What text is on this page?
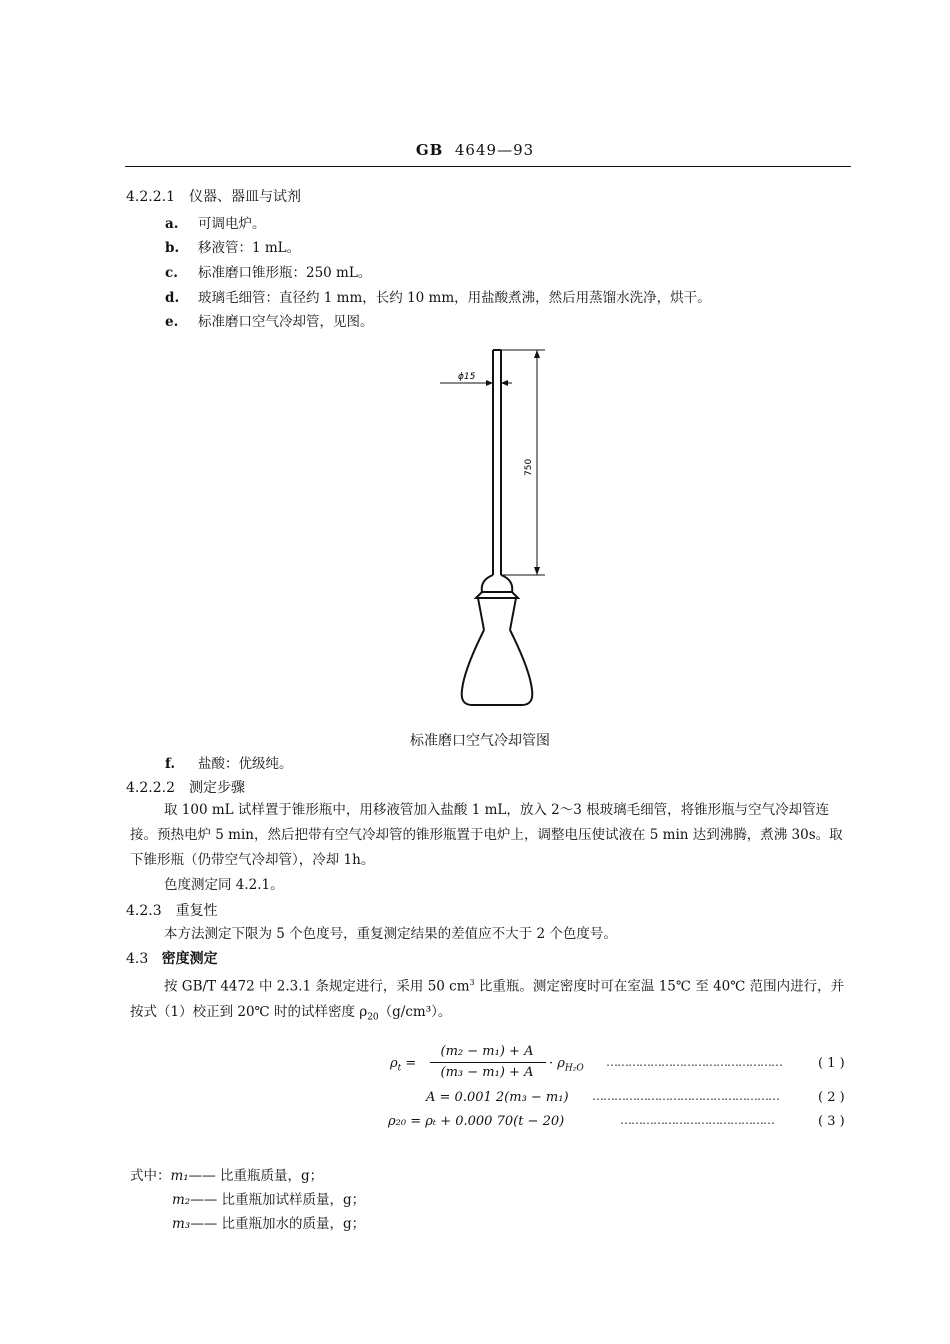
GB 4649—93
4.2.2.1　仪器、器皿与试剂
a. 可调电炉。
b. 移液管：1 mL。
c. 标准磨口锥形瓶：250 mL。
d. 玻璃毛细管：直径约 1 mm，长约 10 mm，用盐酸煮沸，然后用蒸馏水洗净，烘干。
e. 标准磨口空气冷却管，见图。
ϕ15
750
标准磨口空气冷却管图
f. 盐酸：优级纯。
4.2.2.2　测定步骤
取 100 mL 试样置于锥形瓶中，用移液管加入盐酸 1 mL，放入 2～3 根玻璃毛细管，将锥形瓶与空气冷却管连接。预热电炉 5 min，然后把带有空气冷却管的锥形瓶置于电炉上，调整电压使试液在 5 min 达到沸腾，煮沸 30s。取下锥形瓶（仍带空气冷却管），冷却 1h。
色度测定同 4.2.1。
4.2.3　重复性
本方法测定下限为 5 个色度号，重复测定结果的差值应不大于 2 个色度号。
4.3 密度测定
按 GB/T 4472 中 2.3.1 条规定进行，采用 50 $cm^3$ 比重瓶。测定密度时可在室温 15℃ 至 40℃ 范围内进行，并按式（1）校正到 20℃ 时的试样密度 $\rho_{20}(g/cm^3)$。
$\rho_t$ =
(m₂ − m₁) + A
(m₃ − m₁) + A
· $\rho_{H_2O}$ …………………………………………	( 1 )
A = 0.001 2(m₃ − m₁) ……………………………………………	( 2 )
ρ₂₀ = ρₜ + 0.000 70(t − 20)	……………………………………	( 3 )
式中：m₁—— 比重瓶质量，g；
m₂—— 比重瓶加试样质量，g；
m₃—— 比重瓶加水的质量，g；
